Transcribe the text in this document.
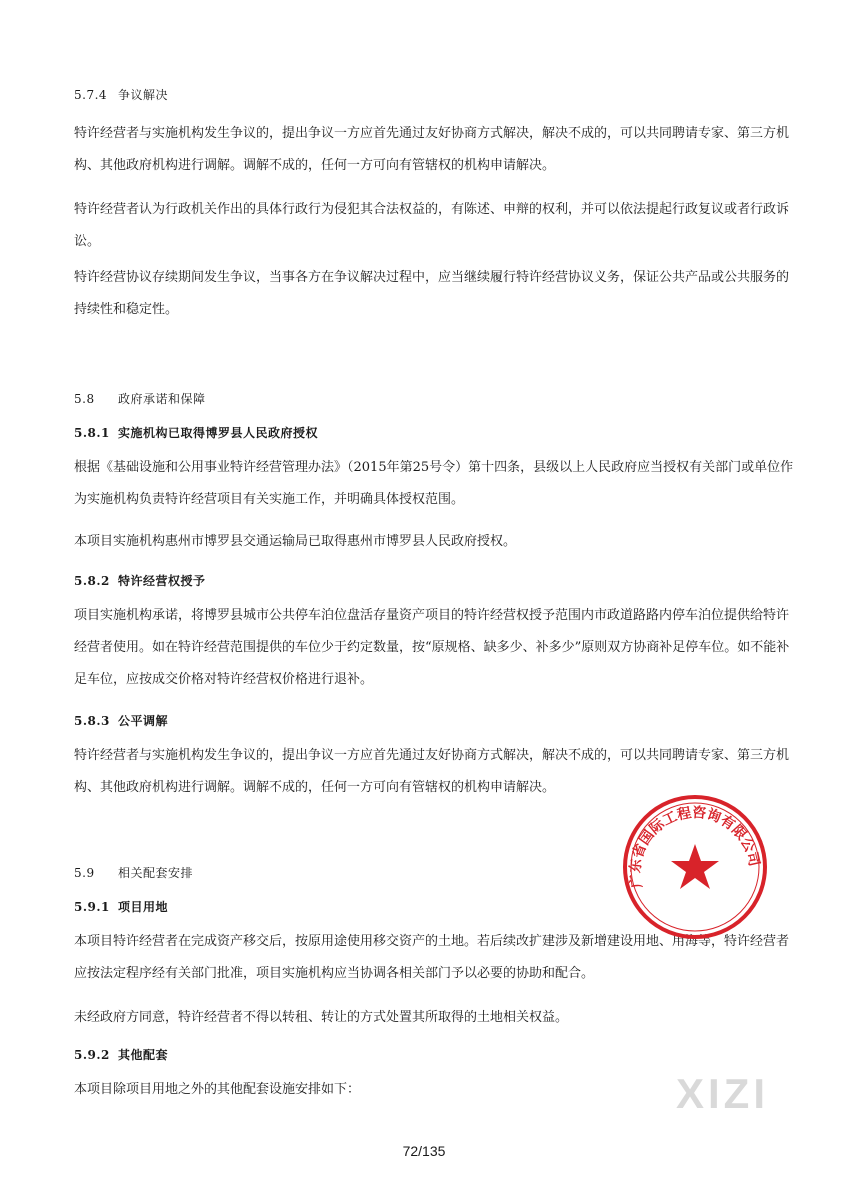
5.7.4 争议解决
特许经营者与实施机构发生争议的，提出争议一方应首先通过友好协商方式解决，解决不成的，可以共同聘请专家、第三方机构、其他政府机构进行调解。调解不成的，任何一方可向有管辖权的机构申请解决。
特许经营者认为行政机关作出的具体行政行为侵犯其合法权益的，有陈述、申辩的权利，并可以依法提起行政复议或者行政诉讼。
特许经营协议存续期间发生争议，当事各方在争议解决过程中，应当继续履行特许经营协议义务，保证公共产品或公共服务的持续性和稳定性。
5.8 政府承诺和保障
5.8.1 实施机构已取得博罗县人民政府授权
根据《基础设施和公用事业特许经营管理办法》（2015年第25号令）第十四条，县级以上人民政府应当授权有关部门或单位作为实施机构负责特许经营项目有关实施工作，并明确具体授权范围。
本项目实施机构惠州市博罗县交通运输局已取得惠州市博罗县人民政府授权。
5.8.2 特许经营权授予
项目实施机构承诺，将博罗县城市公共停车泊位盘活存量资产项目的特许经营权授予范围内市政道路路内停车泊位提供给特许经营者使用。如在特许经营范围提供的车位少于约定数量，按“原规格、缺多少、补多少”原则双方协商补足停车位。如不能补足车位，应按成交价格对特许经营权价格进行退补。
5.8.3 公平调解
特许经营者与实施机构发生争议的，提出争议一方应首先通过友好协商方式解决，解决不成的，可以共同聘请专家、第三方机构、其他政府机构进行调解。调解不成的，任何一方可向有管辖权的机构申请解决。
5.9 相关配套安排
5.9.1 项目用地
本项目特许经营者在完成资产移交后，按原用途使用移交资产的土地。若后续改扩建涉及新增建设用地、用海等，特许经营者应按法定程序经有关部门批准，项目实施机构应当协调各相关部门予以必要的协助和配合。
未经政府方同意，特许经营者不得以转租、转让的方式处置其所取得的土地相关权益。
5.9.2 其他配套
本项目除项目用地之外的其他配套设施安排如下：
广东省国际工程咨询有限公司
XIZI
72/135
